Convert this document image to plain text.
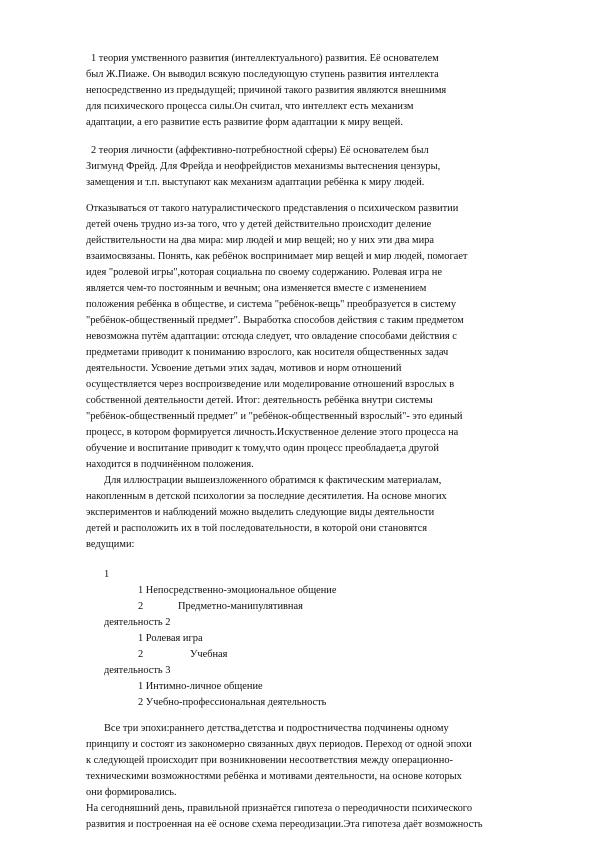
1 теория умственного развития (интеллектуального) развития. Её основателем
был Ж.Пиаже. Он выводил всякую последующую ступень развития интеллекта
непосредственно из предыдущей; причиной такого развития являются внешнимя
для психического процесса силы.Он считал, что интеллект есть механизм
адаптации, а его развитие есть развитие форм адаптации к миру вещей.
2 теория личности (аффективно-потребностной сферы) Её основателем был
Зигмунд Фрейд. Для Фрейда и неофрейдистов механизмы вытеснения цензуры,
замещения и т.п. выступают как механизм адаптации ребёнка к миру людей.
Отказываться от такого натуралистического представления о психическом развитии
детей очень трудно из-за того, что у детей действительно происходит деление
действительности на два мира: мир людей и мир вещей; но у них эти два мира
взаимосвязаны. Понять, как ребёнок воспринимает мир вещей и мир людей, помогает
идея "ролевой игры",которая социальна по своему содержанию. Ролевая игра не
является чем-то постоянным и вечным; она изменяется вместе с изменением
положения ребёнка в обществе, и система "ребёнок-вещь" преобразуется в систему
"ребёнок-общественный предмет". Выработка способов действия с таким предметом
невозможна путём адаптации: отсюда следует, что овладение способами действия с
предметами приводит к пониманию взрослого, как носителя общественных задач
деятельности. Усвоение детьми этих задач, мотивов и норм отношений
осуществляется через воспроизведение или моделирование отношений взрослых в
собственной деятельности детей. Итог: деятельность ребёнка внутри системы
"ребёнок-общественный предмет" и "ребёнок-общественный взрослый"- это единый
процесс, в котором формируется личность.Искуственное деление этого процесса на
обучение и воспитание приводит к тому,что один процесс преобладает,а другой
находится в подчинённом положения.
Для иллюстрации вышеизложенного обратимся к фактическим материалам,
накопленным в детской психологии за последние десятилетия. На основе многих
экспериментов и наблюдений можно выделить следующие виды деятельности
детей и расположить их в той последовательности, в которой они становятся
ведущими:
1
1 Непосредственно-эмоциональное общение
2	Предметно-манипулятивная
деятельность 2
1 Ролевая игра
2	Учебная
деятельность 3
1 Интимно-личное общение
2 Учебно-профессиональная деятельность
Все три эпохи:раннего детства,детства и подростничества подчинены одному
принципу и состоят из закономерно связанных двух периодов. Переход от одной эпохи
к следующей происходит при возникновении несоответствия между операционно-
техническими возможностями ребёнка и мотивами деятельности, на основе которых
они формировались.
На сегодняшний день, правильной признаётся гипотеза о переодичности психического
развития и построенная на её основе схема переодизации.Эта гипотеза даёт возможность
